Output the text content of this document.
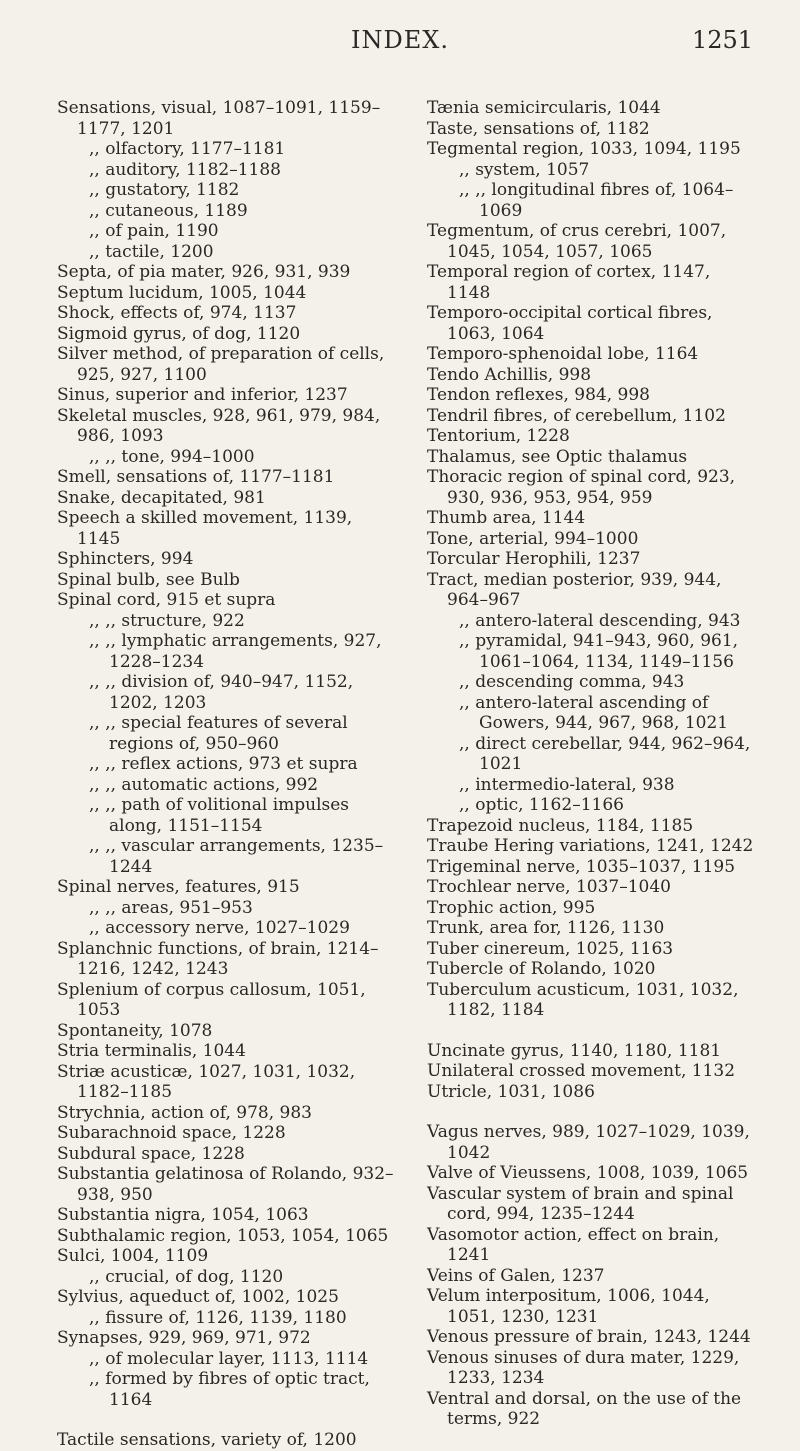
INDEX.	1251
Sensations, visual, 1087–1091, 1159–1177, 1201
,, olfactory, 1177–1181
,, auditory, 1182–1188
,, gustatory, 1182
,, cutaneous, 1189
,, of pain, 1190
,, tactile, 1200
Septa, of pia mater, 926, 931, 939
Septum lucidum, 1005, 1044
Shock, effects of, 974, 1137
Sigmoid gyrus, of dog, 1120
Silver method, of preparation of cells, 925, 927, 1100
Sinus, superior and inferior, 1237
Skeletal muscles, 928, 961, 979, 984, 986, 1093
,, ,, tone, 994–1000
Smell, sensations of, 1177–1181
Snake, decapitated, 981
Speech a skilled movement, 1139, 1145
Sphincters, 994
Spinal bulb, see Bulb
Spinal cord, 915 et supra
,, ,, structure, 922
,, ,, lymphatic arrangements, 927, 1228–1234
,, ,, division of, 940–947, 1152, 1202, 1203
,, ,, special features of several regions of, 950–960
,, ,, reflex actions, 973 et supra
,, ,, automatic actions, 992
,, ,, path of volitional impulses along, 1151–1154
,, ,, vascular arrangements, 1235–1244
Spinal nerves, features, 915
,, ,, areas, 951–953
,, accessory nerve, 1027–1029
Splanchnic functions, of brain, 1214–1216, 1242, 1243
Splenium of corpus callosum, 1051, 1053
Spontaneity, 1078
Stria terminalis, 1044
Striæ acusticæ, 1027, 1031, 1032, 1182–1185
Strychnia, action of, 978, 983
Subarachnoid space, 1228
Subdural space, 1228
Substantia gelatinosa of Rolando, 932–938, 950
Substantia nigra, 1054, 1063
Subthalamic region, 1053, 1054, 1065
Sulci, 1004, 1109
,, crucial, of dog, 1120
Sylvius, aqueduct of, 1002, 1025
,, fissure of, 1126, 1139, 1180
Synapses, 929, 969, 971, 972
,, of molecular layer, 1113, 1114
,, formed by fibres of optic tract, 1164
Tactile sensations, variety of, 1200
Tænia semicircularis, 1044
Taste, sensations of, 1182
Tegmental region, 1033, 1094, 1195
,, system, 1057
,, ,, longitudinal fibres of, 1064–1069
Tegmentum, of crus cerebri, 1007, 1045, 1054, 1057, 1065
Temporal region of cortex, 1147, 1148
Temporo-occipital cortical fibres, 1063, 1064
Temporo-sphenoidal lobe, 1164
Tendo Achillis, 998
Tendon reflexes, 984, 998
Tendril fibres, of cerebellum, 1102
Tentorium, 1228
Thalamus, see Optic thalamus
Thoracic region of spinal cord, 923, 930, 936, 953, 954, 959
Thumb area, 1144
Tone, arterial, 994–1000
Torcular Herophili, 1237
Tract, median posterior, 939, 944, 964–967
,, antero-lateral descending, 943
,, pyramidal, 941–943, 960, 961, 1061–1064, 1134, 1149–1156
,, descending comma, 943
,, antero-lateral ascending of Gowers, 944, 967, 968, 1021
,, direct cerebellar, 944, 962–964, 1021
,, intermedio-lateral, 938
,, optic, 1162–1166
Trapezoid nucleus, 1184, 1185
Traube Hering variations, 1241, 1242
Trigeminal nerve, 1035–1037, 1195
Trochlear nerve, 1037–1040
Trophic action, 995
Trunk, area for, 1126, 1130
Tuber cinereum, 1025, 1163
Tubercle of Rolando, 1020
Tuberculum acusticum, 1031, 1032, 1182, 1184
Uncinate gyrus, 1140, 1180, 1181
Unilateral crossed movement, 1132
Utricle, 1031, 1086
Vagus nerves, 989, 1027–1029, 1039, 1042
Valve of Vieussens, 1008, 1039, 1065
Vascular system of brain and spinal cord, 994, 1235–1244
Vasomotor action, effect on brain, 1241
Veins of Galen, 1237
Velum interpositum, 1006, 1044, 1051, 1230, 1231
Venous pressure of brain, 1243, 1244
Venous sinuses of dura mater, 1229, 1233, 1234
Ventral and dorsal, on the use of the terms, 922
